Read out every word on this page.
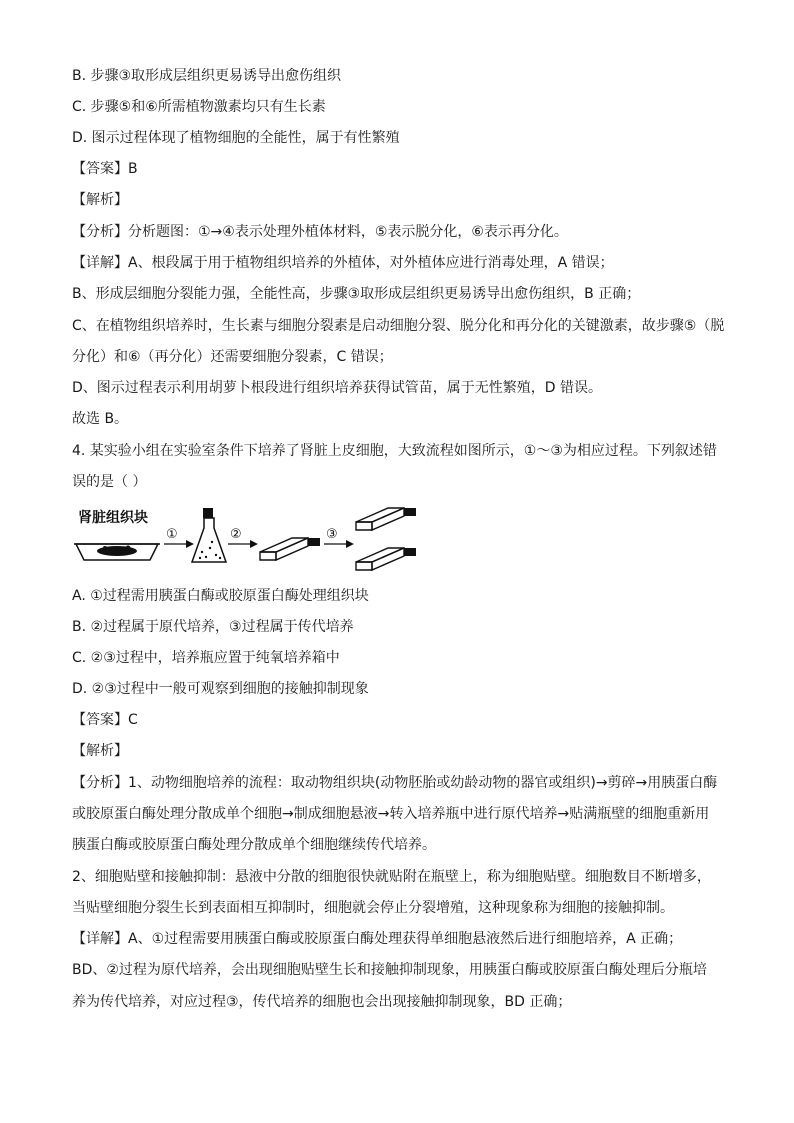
B. 步骤③取形成层组织更易诱导出愈伤组织
C. 步骤⑤和⑥所需植物激素均只有生长素
D. 图示过程体现了植物细胞的全能性，属于有性繁殖
【答案】B
【解析】
【分析】分析题图：①→④表示处理外植体材料，⑤表示脱分化，⑥表示再分化。
【详解】A、根段属于用于植物组织培养的外植体，对外植体应进行消毒处理，A 错误；
B、形成层细胞分裂能力强，全能性高，步骤③取形成层组织更易诱导出愈伤组织，B 正确；
C、在植物组织培养时，生长素与细胞分裂素是启动细胞分裂、脱分化和再分化的关键激素，故步骤⑤（脱
分化）和⑥（再分化）还需要细胞分裂素，C 错误；
D、图示过程表示利用胡萝卜根段进行组织培养获得试管苗，属于无性繁殖，D 错误。
故选 B。
4. 某实验小组在实验室条件下培养了肾脏上皮细胞，大致流程如图所示，①～③为相应过程。下列叙述错
误的是（ ）
肾脏组织块
①	②	③
A. ①过程需用胰蛋白酶或胶原蛋白酶处理组织块
B. ②过程属于原代培养，③过程属于传代培养
C. ②③过程中，培养瓶应置于纯氧培养箱中
D. ②③过程中一般可观察到细胞的接触抑制现象
【答案】C
【解析】
【分析】1、动物细胞培养的流程：取动物组织块(动物胚胎或幼龄动物的器官或组织)→剪碎→用胰蛋白酶
或胶原蛋白酶处理分散成单个细胞→制成细胞悬液→转入培养瓶中进行原代培养→贴满瓶壁的细胞重新用
胰蛋白酶或胶原蛋白酶处理分散成单个细胞继续传代培养。
2、细胞贴壁和接触抑制：悬液中分散的细胞很快就贴附在瓶壁上，称为细胞贴壁。细胞数目不断增多，
当贴壁细胞分裂生长到表面相互抑制时，细胞就会停止分裂增殖，这种现象称为细胞的接触抑制。
【详解】A、①过程需要用胰蛋白酶或胶原蛋白酶处理获得单细胞悬液然后进行细胞培养，A 正确；
BD、②过程为原代培养，会出现细胞贴壁生长和接触抑制现象，用胰蛋白酶或胶原蛋白酶处理后分瓶培
养为传代培养，对应过程③，传代培养的细胞也会出现接触抑制现象，BD 正确；
